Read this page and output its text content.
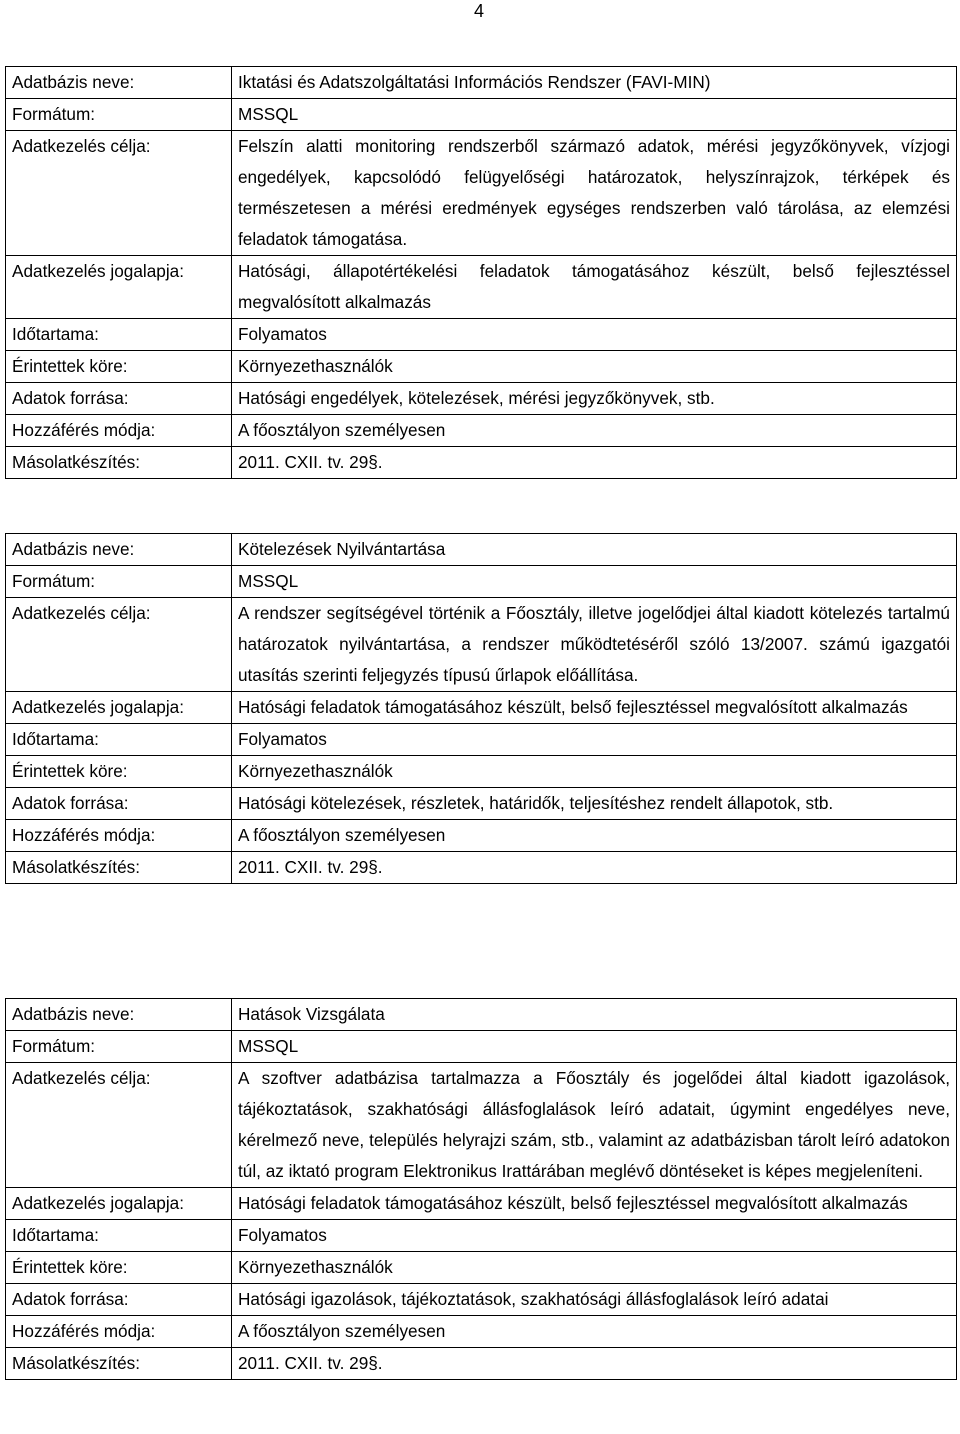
4
Adatbázis neve:	Iktatási és Adatszolgáltatási Információs Rendszer (FAVI-MIN)
Formátum:	MSSQL
Adatkezelés célja:	Felszín alatti monitoring rendszerből származó adatok, mérési jegyzőkönyvek, vízjogi engedélyek, kapcsolódó felügyelőségi határozatok, helyszínrajzok, térképek és természetesen a mérési eredmények egységes rendszerben való tárolása, az elemzési feladatok támogatása.
Adatkezelés jogalapja:	Hatósági, állapotértékelési feladatok támogatásához készült, belső fejlesztéssel megvalósított alkalmazás
Időtartama:	Folyamatos
Érintettek köre:	Környezethasználók
Adatok forrása:	Hatósági engedélyek, kötelezések, mérési jegyzőkönyvek, stb.
Hozzáférés módja:	A főosztályon személyesen
Másolatkészítés:	2011. CXII. tv. 29§.
Adatbázis neve:	Kötelezések Nyilvántartása
Formátum:	MSSQL
Adatkezelés célja:	A rendszer segítségével történik a Főosztály, illetve jogelődjei által kiadott kötelezés tartalmú határozatok nyilvántartása, a rendszer működtetéséről szóló 13/2007. számú igazgatói utasítás szerinti feljegyzés típusú űrlapok előállítása.
Adatkezelés jogalapja:	Hatósági feladatok támogatásához készült, belső fejlesztéssel megvalósított alkalmazás
Időtartama:	Folyamatos
Érintettek köre:	Környezethasználók
Adatok forrása:	Hatósági kötelezések, részletek, határidők, teljesítéshez rendelt állapotok, stb.
Hozzáférés módja:	A főosztályon személyesen
Másolatkészítés:	2011. CXII. tv. 29§.
Adatbázis neve:	Hatások Vizsgálata
Formátum:	MSSQL
Adatkezelés célja:	A szoftver adatbázisa tartalmazza a Főosztály és jogelődei által kiadott igazolások, tájékoztatások, szakhatósági állásfoglalások leíró adatait, úgymint engedélyes neve, kérelmező neve, település helyrajzi szám, stb., valamint az adatbázisban tárolt leíró adatokon túl, az iktató program Elektronikus Irattárában meglévő döntéseket is képes megjeleníteni.
Adatkezelés jogalapja:	Hatósági feladatok támogatásához készült, belső fejlesztéssel megvalósított alkalmazás
Időtartama:	Folyamatos
Érintettek köre:	Környezethasználók
Adatok forrása:	Hatósági igazolások, tájékoztatások, szakhatósági állásfoglalások leíró adatai
Hozzáférés módja:	A főosztályon személyesen
Másolatkészítés:	2011. CXII. tv. 29§.
